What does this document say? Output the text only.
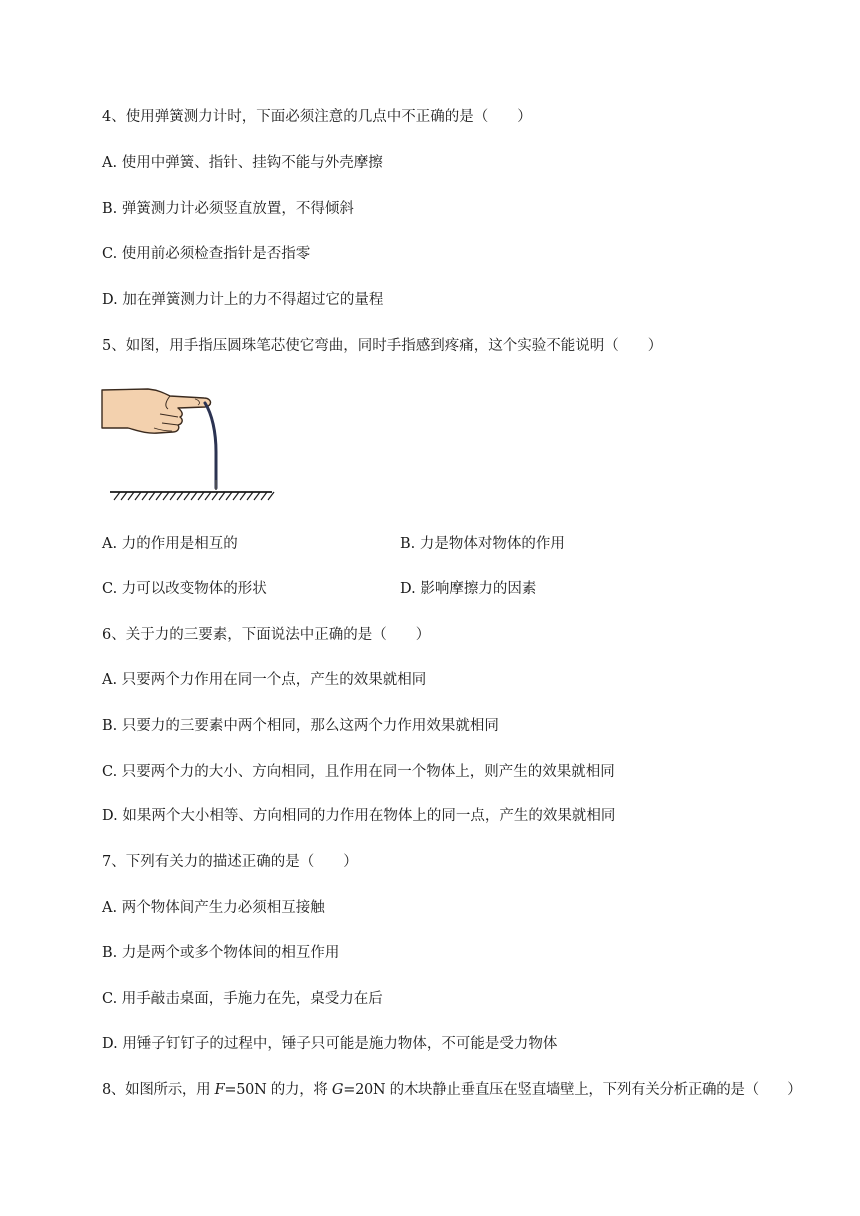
4、使用弹簧测力计时，下面必须注意的几点中不正确的是（　　）
A. 使用中弹簧、指针、挂钩不能与外壳摩擦
B. 弹簧测力计必须竖直放置，不得倾斜
C. 使用前必须检查指针是否指零
D. 加在弹簧测力计上的力不得超过它的量程
5、如图，用手指压圆珠笔芯使它弯曲，同时手指感到疼痛，这个实验不能说明（　　）
A. 力的作用是相互的	B. 力是物体对物体的作用
C. 力可以改变物体的形状	D. 影响摩擦力的因素
6、关于力的三要素，下面说法中正确的是（　　）
A. 只要两个力作用在同一个点，产生的效果就相同
B. 只要力的三要素中两个相同，那么这两个力作用效果就相同
C. 只要两个力的大小、方向相同，且作用在同一个物体上，则产生的效果就相同
D. 如果两个大小相等、方向相同的力作用在物体上的同一点，产生的效果就相同
7、下列有关力的描述正确的是（　　）
A. 两个物体间产生力必须相互接触
B. 力是两个或多个物体间的相互作用
C. 用手敲击桌面，手施力在先，桌受力在后
D. 用锤子钉钉子的过程中，锤子只可能是施力物体，不可能是受力物体
8、如图所示，用 F=50N 的力，将 G=20N 的木块静止垂直压在竖直墙壁上，下列有关分析正确的是（　　）
